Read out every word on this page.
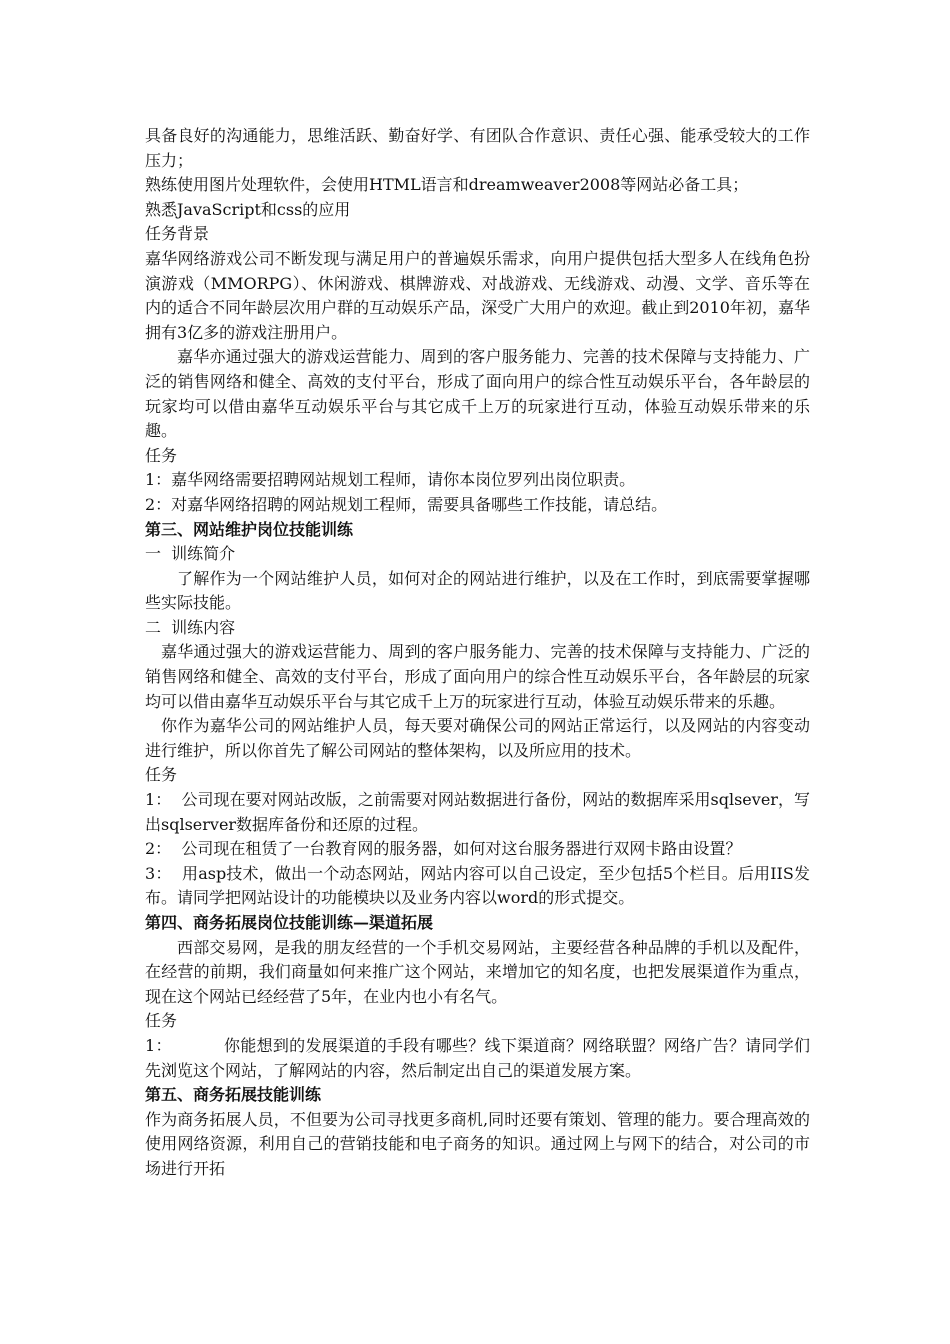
具备良好的沟通能力，思维活跃、勤奋好学、有团队合作意识、责任心强、能承受较大的工作压力；

熟练使用图片处理软件，会使用HTML语言和dreamweaver2008等网站必备工具；

熟悉JavaScript和css的应用

任务背景

嘉华网络游戏公司不断发现与满足用户的普遍娱乐需求，向用户提供包括大型多人在线角色扮演游戏（MMORPG）、休闲游戏、棋牌游戏、对战游戏、无线游戏、动漫、文学、音乐等在内的适合不同年龄层次用户群的互动娱乐产品，深受广大用户的欢迎。截止到2010年初，嘉华拥有3亿多的游戏注册用户。

嘉华亦通过强大的游戏运营能力、周到的客户服务能力、完善的技术保障与支持能力、广泛的销售网络和健全、高效的支付平台，形成了面向用户的综合性互动娱乐平台，各年龄层的玩家均可以借由嘉华互动娱乐平台与其它成千上万的玩家进行互动，体验互动娱乐带来的乐趣。

任务

1：嘉华网络需要招聘网站规划工程师，请你本岗位罗列出岗位职责。

2：对嘉华网络招聘的网站规划工程师，需要具备哪些工作技能，请总结。

第三、网站维护岗位技能训练

一  训练简介

了解作为一个网站维护人员，如何对企的网站进行维护，以及在工作时，到底需要掌握哪些实际技能。

二  训练内容

嘉华通过强大的游戏运营能力、周到的客户服务能力、完善的技术保障与支持能力、广泛的销售网络和健全、高效的支付平台，形成了面向用户的综合性互动娱乐平台，各年龄层的玩家均可以借由嘉华互动娱乐平台与其它成千上万的玩家进行互动，体验互动娱乐带来的乐趣。

你作为嘉华公司的网站维护人员，每天要对确保公司的网站正常运行，以及网站的内容变动进行维护，所以你首先了解公司网站的整体架构，以及所应用的技术。

任务

1：  公司现在要对网站改版，之前需要对网站数据进行备份，网站的数据库采用sqlsever，写出sqlserver数据库备份和还原的过程。

2：  公司现在租赁了一台教育网的服务器，如何对这台服务器进行双网卡路由设置？

3：  用asp技术，做出一个动态网站，网站内容可以自己设定，至少包括5个栏目。后用IIS发布。请同学把网站设计的功能模块以及业务内容以word的形式提交。

第四、商务拓展岗位技能训练—渠道拓展

西部交易网，是我的朋友经营的一个手机交易网站，主要经营各种品牌的手机以及配件，在经营的前期，我们商量如何来推广这个网站，来增加它的知名度，也把发展渠道作为重点，现在这个网站已经经营了5年，在业内也小有名气。

任务

1：	你能想到的发展渠道的手段有哪些？线下渠道商？网络联盟？网络广告？请同学们先浏览这个网站，了解网站的内容，然后制定出自己的渠道发展方案。

第五、商务拓展技能训练

作为商务拓展人员，不但要为公司寻找更多商机,同时还要有策划、管理的能力。要合理高效的使用网络资源，利用自己的营销技能和电子商务的知识。通过网上与网下的结合，对公司的市场进行开拓
